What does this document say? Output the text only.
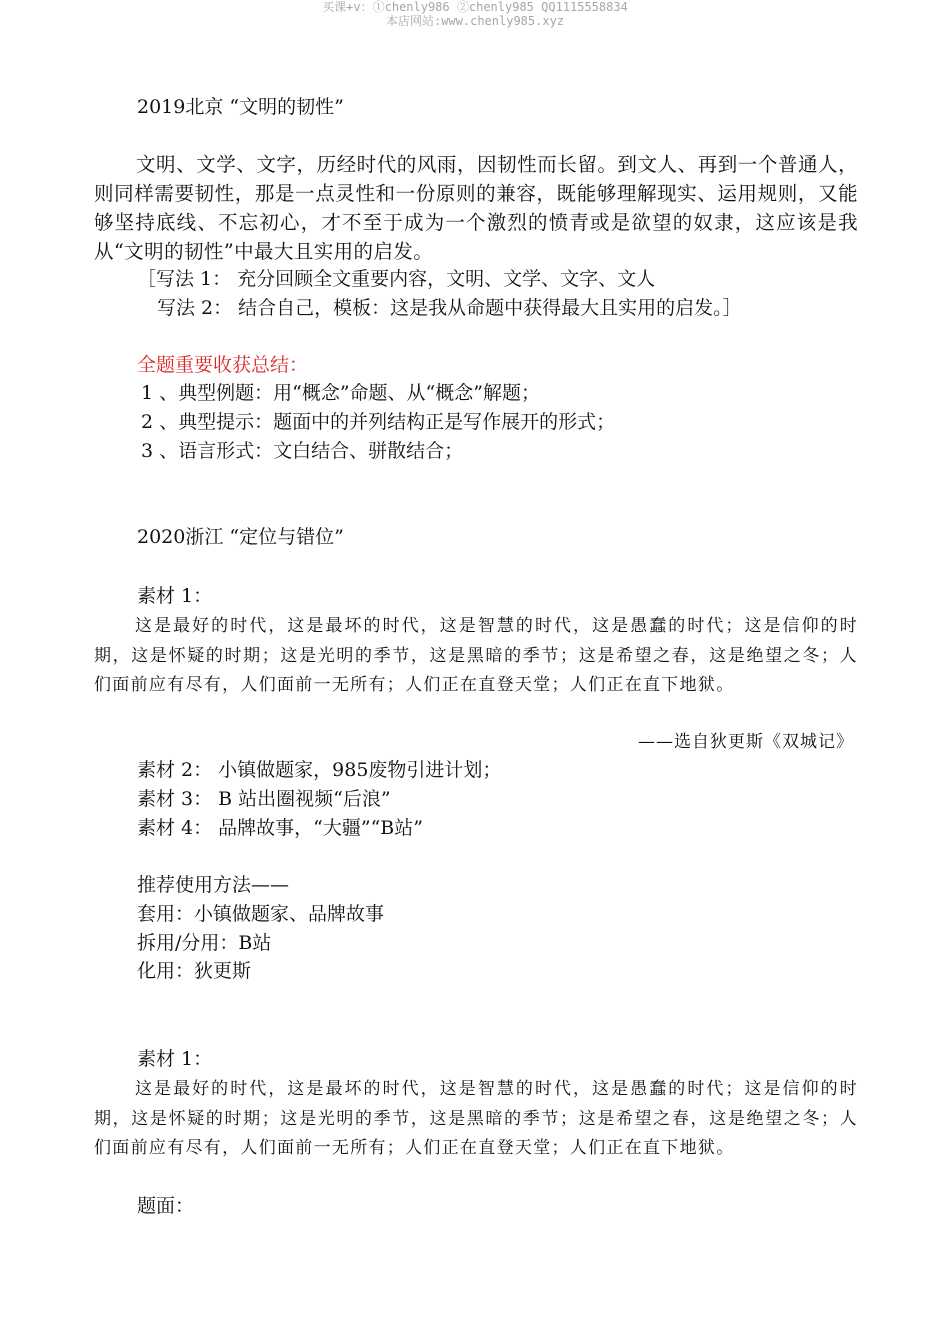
买课+v：①chenly986 ②chenly985 QQ1115558834
本店网站:www.chenly985.xyz
2019北京 “文明的韧性”

文明、文学、文字，历经时代的风雨，因韧性而长留。到文人、再到一个普通人，则同样需要韧性，那是一点灵性和一份原则的兼容，既能够理解现实、运用规则，又能够坚持底线、不忘初心，才不至于成为一个激烈的愤青或是欲望的奴隶，这应该是我从“文明的韧性”中最大且实用的启发。

［写法 1： 充分回顾全文重要内容，文明、文学、文字、文人
写法 2： 结合自己，模板：这是我从命题中获得最大且实用的启发。］
全题重要收获总结：
1 、典型例题：用“概念”命题、从“概念”解题；
2 、典型提示：题面中的并列结构正是写作展开的形式；
3 、语言形式：文白结合、骈散结合；
2020浙江 “定位与错位”
素材 1：

这是最好的时代，这是最坏的时代，这是智慧的时代，这是愚蠢的时代；这是信仰的时期，这是怀疑的时期；这是光明的季节，这是黑暗的季节；这是希望之春，这是绝望之冬；人们面前应有尽有，人们面前一无所有；人们正在直登天堂；人们正在直下地狱。

——选自狄更斯《双城记》
素材 2： 小镇做题家，985废物引进计划；
素材 3： B 站出圈视频“后浪”
素材 4： 品牌故事，“大疆”“B站”
推荐使用方法——
套用：小镇做题家、品牌故事
拆用/分用：B站
化用：狄更斯
素材 1：

这是最好的时代，这是最坏的时代，这是智慧的时代，这是愚蠢的时代；这是信仰的时期，这是怀疑的时期；这是光明的季节，这是黑暗的季节；这是希望之春，这是绝望之冬；人们面前应有尽有，人们面前一无所有；人们正在直登天堂；人们正在直下地狱。

题面：
